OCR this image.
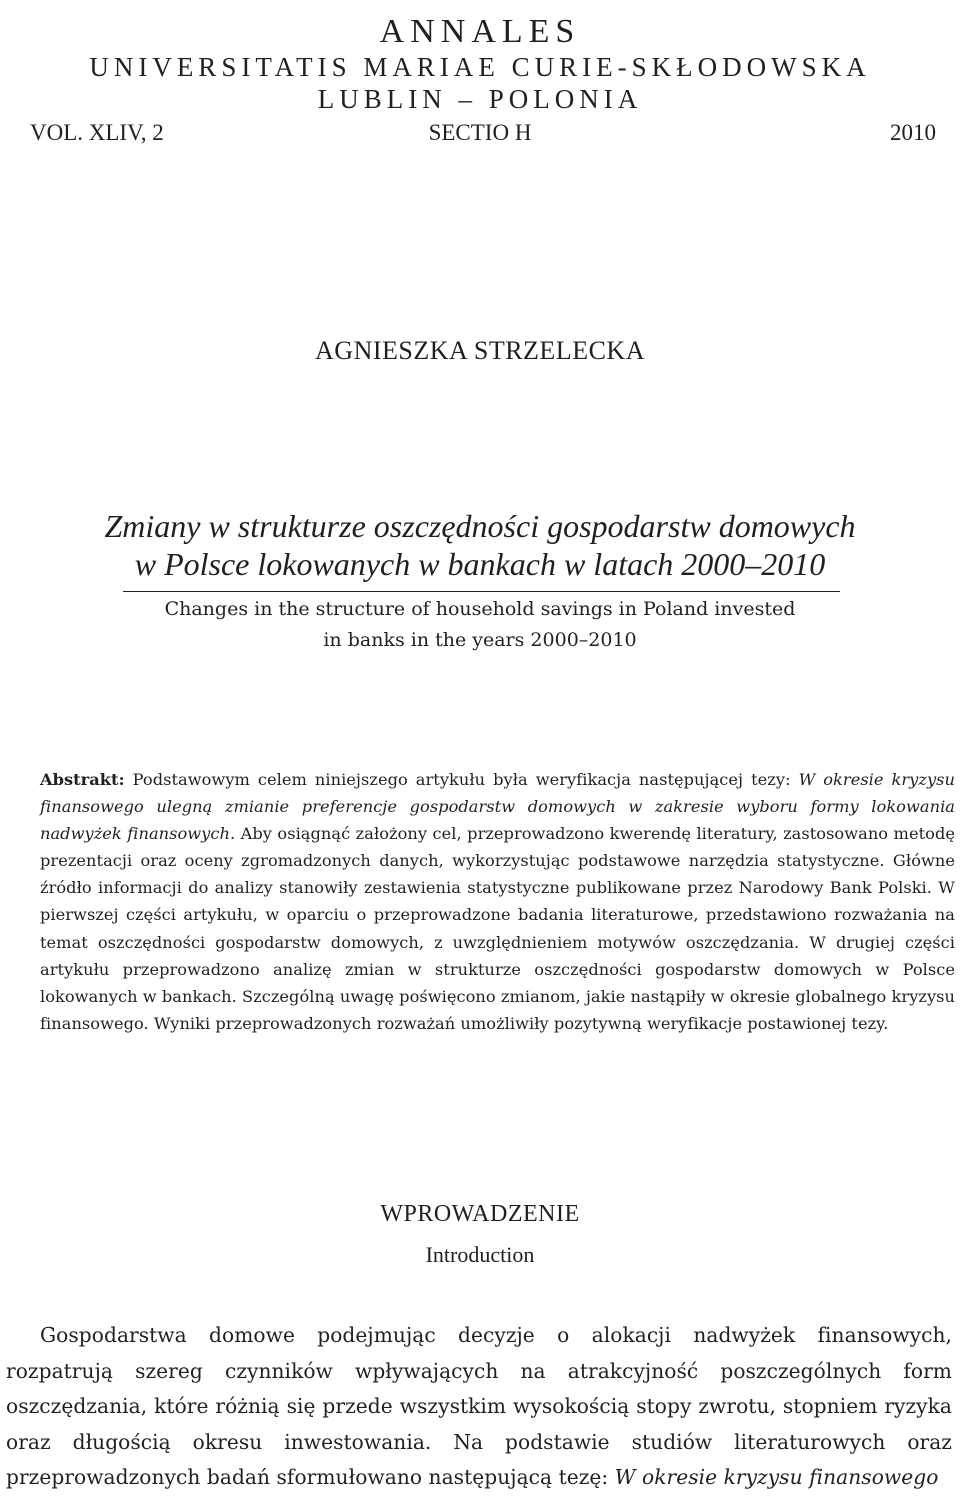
ANNALES
UNIVERSITATIS MARIAE CURIE-SKŁODOWSKA
LUBLIN – POLONIA
VOL. XLIV, 2	SECTIO H	2010
AGNIESZKA STRZELECKA
Zmiany w strukturze oszczędności gospodarstw domowych
w Polsce lokowanych w bankach w latach 2000–2010
Changes in the structure of household savings in Poland invested
in banks in the years 2000–2010
Abstrakt: Podstawowym celem niniejszego artykułu była weryfikacja następującej tezy: W okresie kryzysu finansowego ulegną zmianie preferencje gospodarstw domowych w zakresie wyboru formy lokowania nadwyżek finansowych. Aby osiągnąć założony cel, przeprowadzono kwerendę literatury, zastosowano metodę prezentacji oraz oceny zgromadzonych danych, wykorzystując podstawowe narzędzia statystyczne. Główne źródło informacji do analizy stanowiły zestawienia statystyczne publikowane przez Narodowy Bank Polski. W pierwszej części artykułu, w oparciu o przeprowadzone badania literaturowe, przedstawiono rozważania na temat oszczędności gospodarstw domowych, z uwzględnieniem motywów oszczędzania. W drugiej części artykułu przeprowadzono analizę zmian w strukturze oszczędności gospodarstw domowych w Polsce lokowanych w bankach. Szczególną uwagę poświęcono zmianom, jakie nastąpiły w okresie globalnego kryzysu finansowego. Wyniki przeprowadzonych rozważań umożliwiły pozytywną weryfikacje postawionej tezy.
WPROWADZENIE
Introduction
Gospodarstwa domowe podejmując decyzje o alokacji nadwyżek finansowych, rozpatrują szereg czynników wpływających na atrakcyjność poszczególnych form oszczędzania, które różnią się przede wszystkim wysokością stopy zwrotu, stopniem ryzyka oraz długością okresu inwestowania. Na podstawie studiów literaturowych oraz przeprowadzonych badań sformułowano następującą tezę: W okresie kryzysu finansowego
